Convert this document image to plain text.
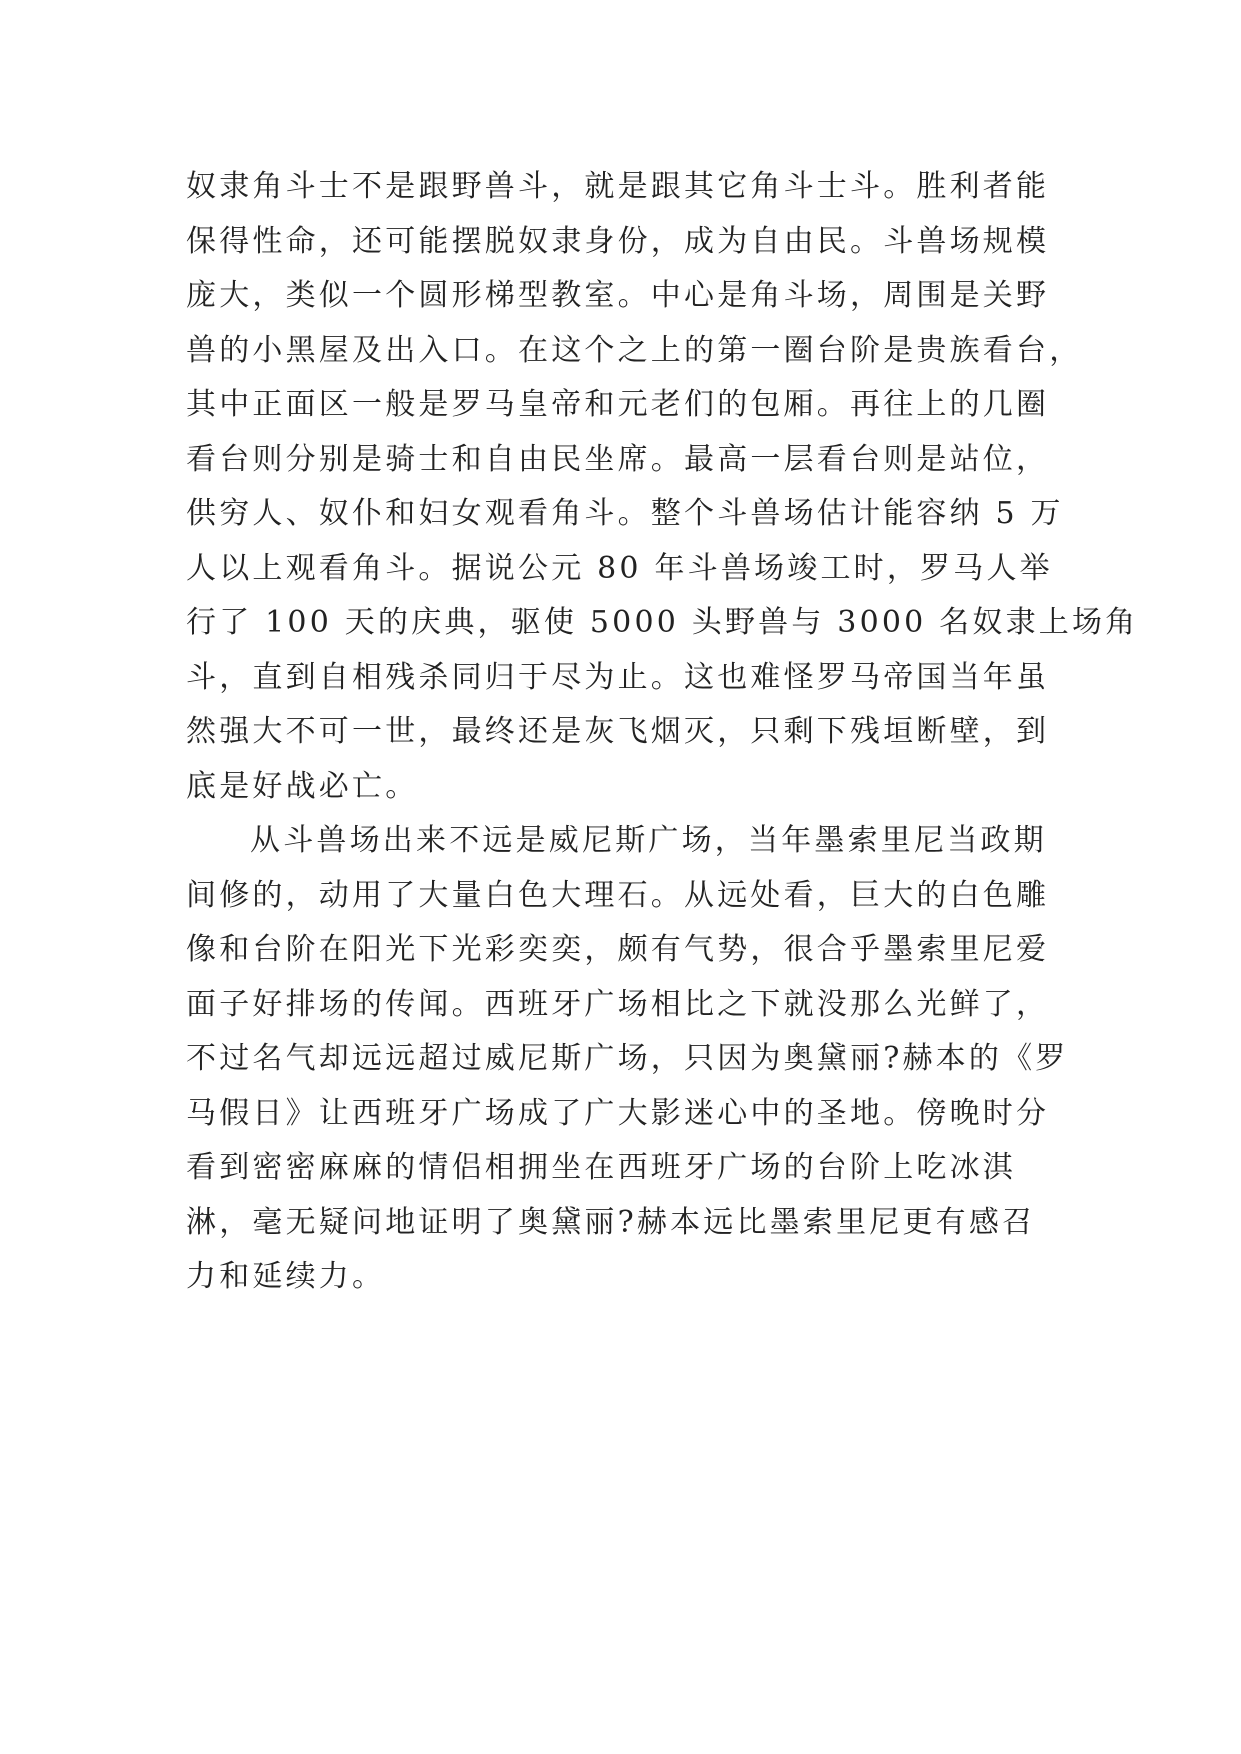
奴隶角斗士不是跟野兽斗，就是跟其它角斗士斗。胜利者能
保得性命，还可能摆脱奴隶身份，成为自由民。斗兽场规模
庞大，类似一个圆形梯型教室。中心是角斗场，周围是关野
兽的小黑屋及出入口。在这个之上的第一圈台阶是贵族看台，
其中正面区一般是罗马皇帝和元老们的包厢。再往上的几圈
看台则分别是骑士和自由民坐席。最高一层看台则是站位，
供穷人、奴仆和妇女观看角斗。整个斗兽场估计能容纳 5 万
人以上观看角斗。据说公元 80 年斗兽场竣工时，罗马人举
行了 100 天的庆典，驱使 5000 头野兽与 3000 名奴隶上场角
斗，直到自相残杀同归于尽为止。这也难怪罗马帝国当年虽
然强大不可一世，最终还是灰飞烟灭，只剩下残垣断壁，到
底是好战必亡。

从斗兽场出来不远是威尼斯广场，当年墨索里尼当政期
间修的，动用了大量白色大理石。从远处看，巨大的白色雕
像和台阶在阳光下光彩奕奕，颇有气势，很合乎墨索里尼爱
面子好排场的传闻。西班牙广场相比之下就没那么光鲜了，
不过名气却远远超过威尼斯广场，只因为奥黛丽?赫本的《罗
马假日》让西班牙广场成了广大影迷心中的圣地。傍晚时分
看到密密麻麻的情侣相拥坐在西班牙广场的台阶上吃冰淇
淋，毫无疑问地证明了奥黛丽?赫本远比墨索里尼更有感召
力和延续力。
